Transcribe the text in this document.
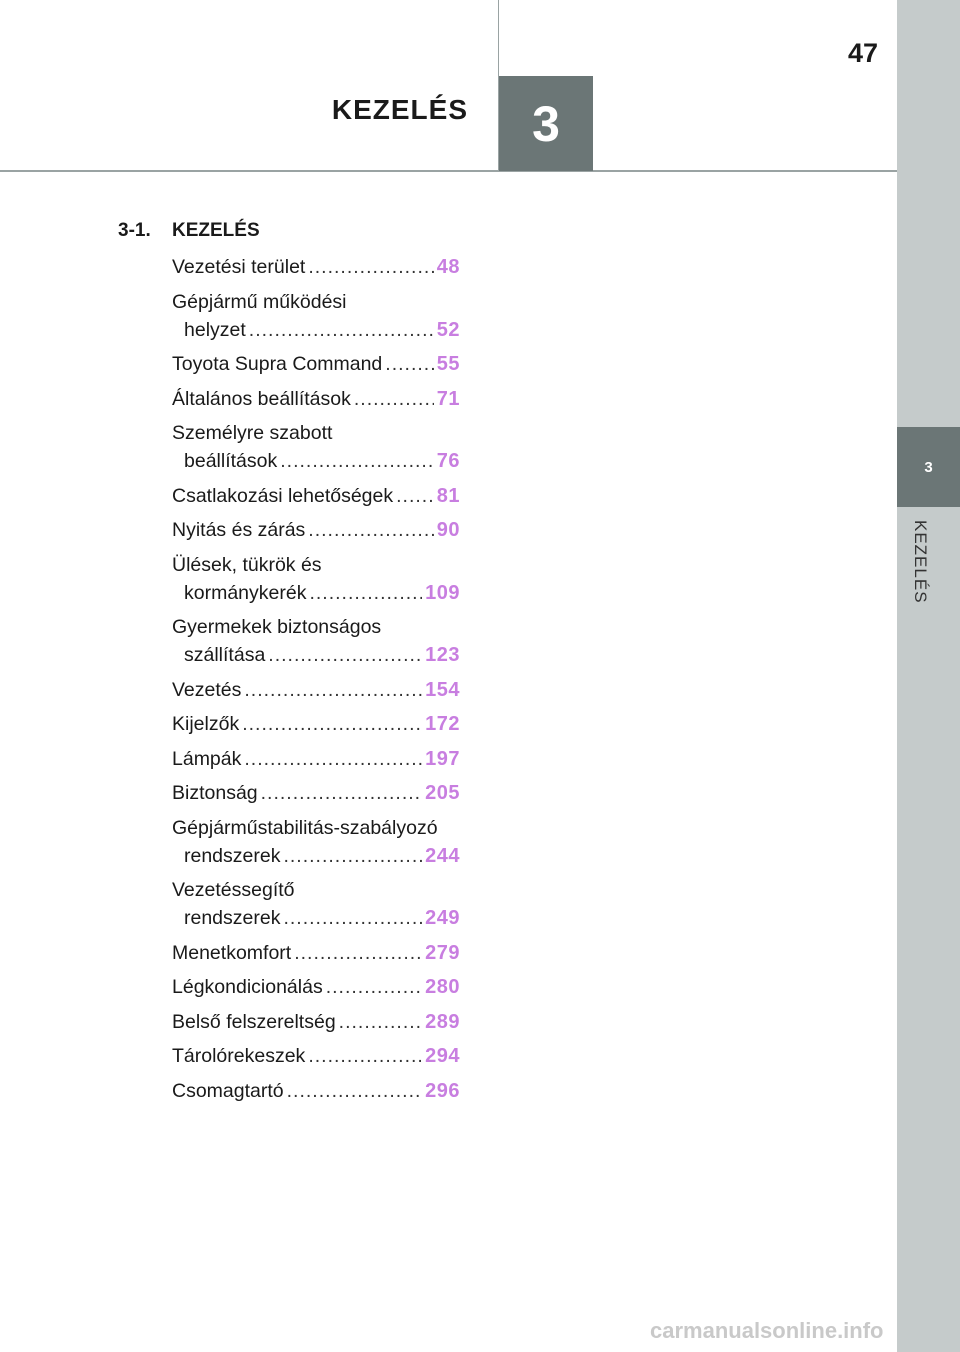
3
KEZELÉS
3
KEZELÉS
47
3-1. KEZELÉS
Vezetési terület .....	48
Gépjármű működési
helyzet .....	52
Toyota Supra Command .....	55
Általános beállítások .....	71
Személyre szabott
beállítások .....	76
Csatlakozási lehetőségek ..... 81
Nyitás és zárás .....	90
Ülések, tükrök és
kormánykerék .....	109
Gyermekek biztonságos
szállítása .....	123
Vezetés .....	154
Kijelzők .....	172
Lámpák .....	197
Biztonság .....	205
Gépjárműstabilitás-szabályozó
rendszerek .....	244
Vezetéssegítő
rendszerek .....	249
Menetkomfort .....	279
Légkondicionálás .....	280
Belső felszereltség .....	289
Tárolórekeszek .....	294
Csomagtartó .....	296
carmanualsonline.info
